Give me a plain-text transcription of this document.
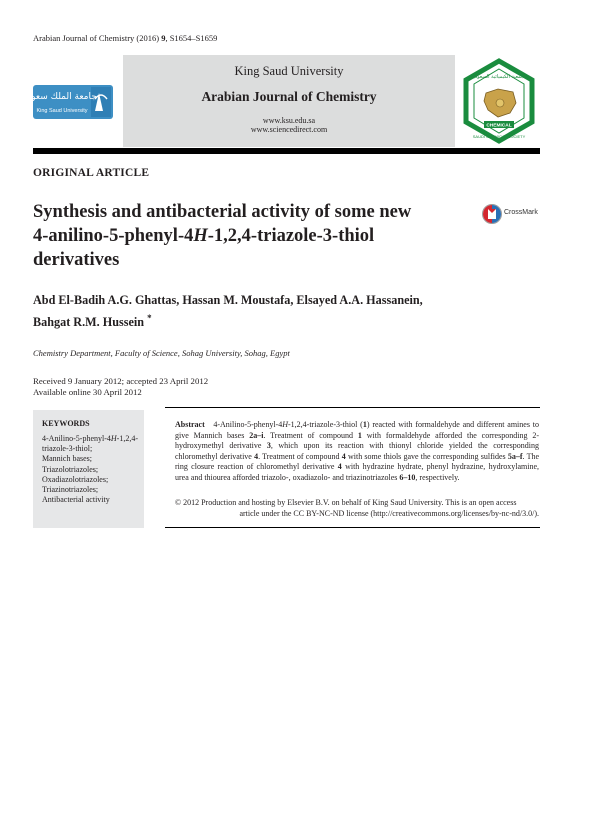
Arabian Journal of Chemistry (2016) 9, S1654–S1659
جامعة الملك سعود
King Saud University
King Saud University
Arabian Journal of Chemistry
www.ksu.edu.sa
www.sciencedirect.com
الجمعية الكيميائية السعودية
CHEMICAL
SAUDI CHEMICAL SOCIETY
ORIGINAL ARTICLE
Synthesis and antibacterial activity of some new
4-anilino-5-phenyl-4H-1,2,4-triazole-3-thiol
derivatives
CrossMark
Abd El-Badih A.G. Ghattas, Hassan M. Moustafa, Elsayed A.A. Hassanein,
Bahgat R.M. Hussein *
Chemistry Department, Faculty of Science, Sohag University, Sohag, Egypt
Received 9 January 2012; accepted 23 April 2012
Available online 30 April 2012
KEYWORDS
4-Anilino-5-phenyl-4H-1,2,4-
triazole-3-thiol;
Mannich bases;
Triazolotriazoles;
Oxadiazolotriazoles;
Triazinotriazoles;
Antibacterial activity
Abstract 4-Anilino-5-phenyl-4H-1,2,4-triazole-3-thiol (1) reacted with formaldehyde and different amines to give Mannich bases 2a–i. Treatment of compound 1 with formaldehyde afforded the corresponding 2-hydroxymethyl derivative 3, which upon its reaction with thionyl chloride yielded the corresponding chloromethyl derivative 4. Treatment of compound 4 with some thiols gave the corresponding sulfides 5a–f. The ring closure reaction of chloromethyl derivative 4 with hydrazine hydrate, phenyl hydrazine, hydroxylamine, urea and thiourea afforded triazolo-, oxadiazolo- and triazinotriazoles 6–10, respectively.
© 2012 Production and hosting by Elsevier B.V. on behalf of King Saud University. This is an open access
article under the CC BY-NC-ND license (http://creativecommons.org/licenses/by-nc-nd/3.0/).
